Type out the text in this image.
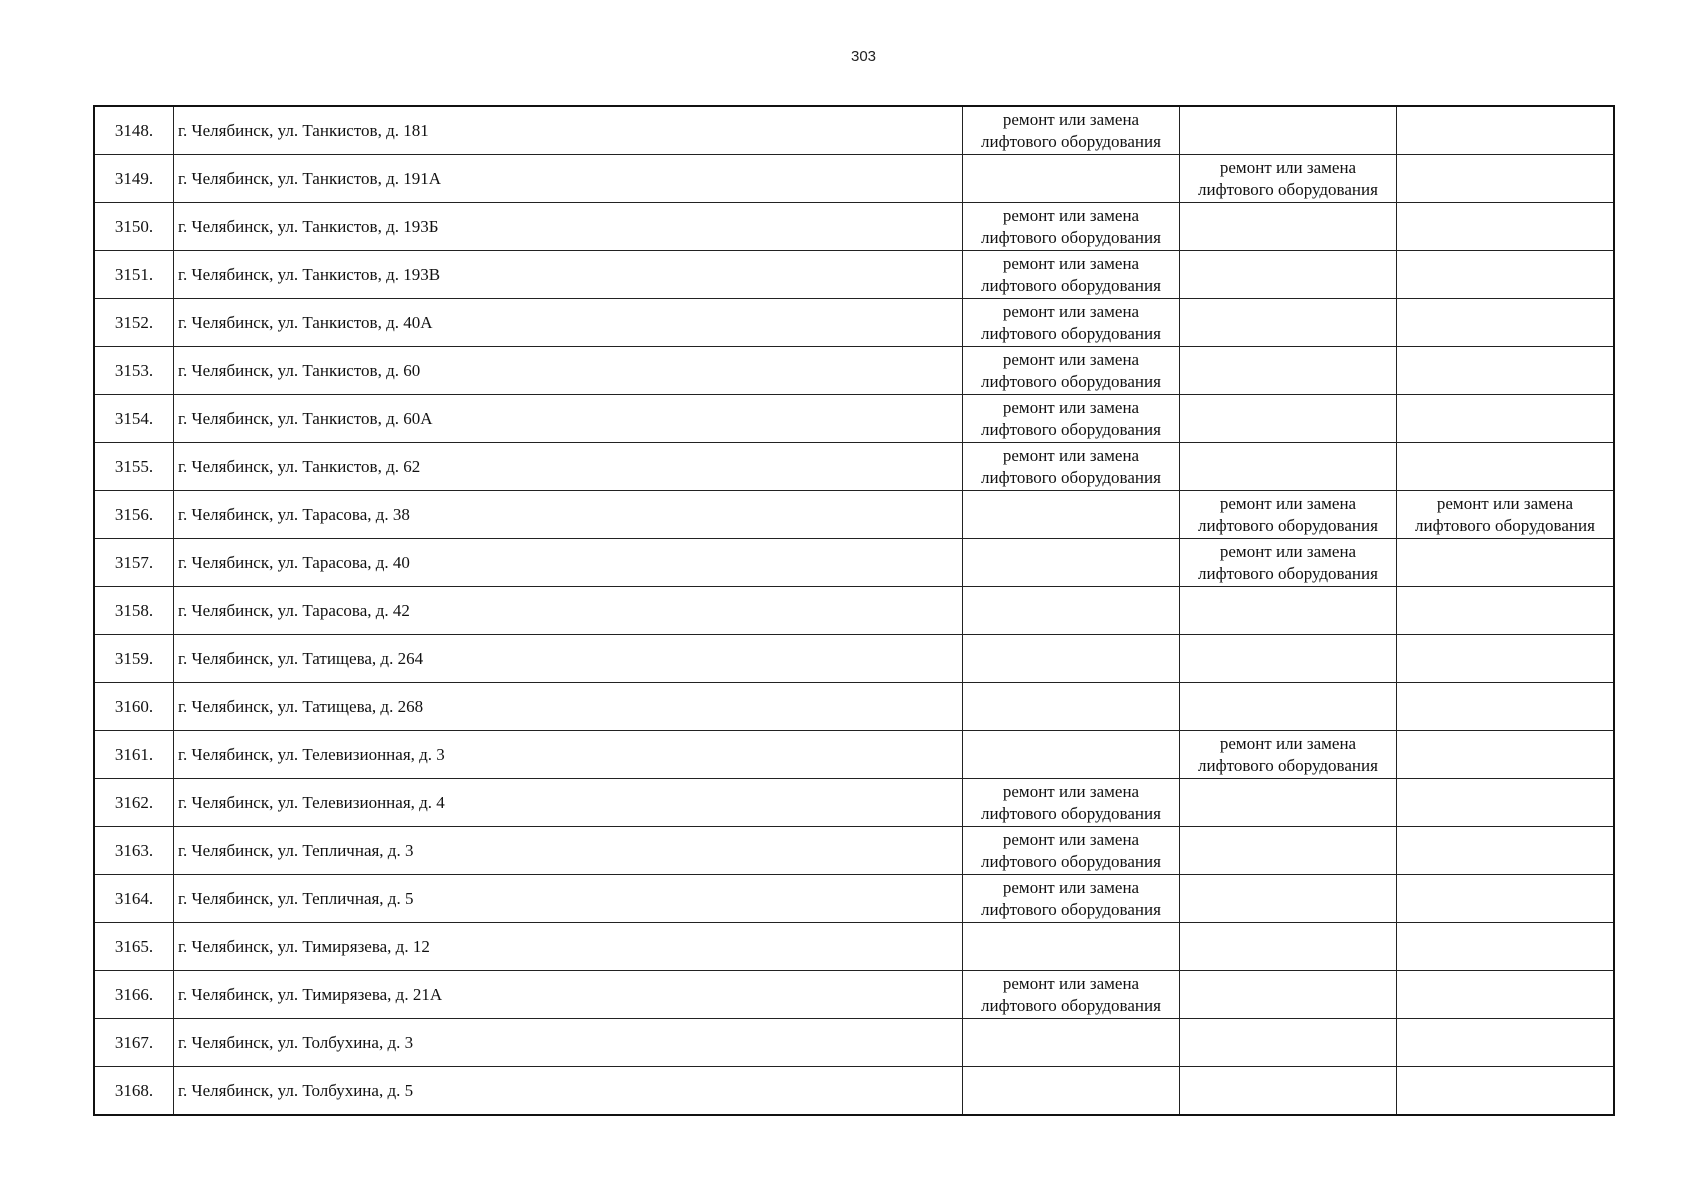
303
3148.	г. Челябинск, ул. Танкистов, д. 181	ремонт или замена лифтового оборудования		
3149.	г. Челябинск, ул. Танкистов, д. 191А		ремонт или замена лифтового оборудования	
3150.	г. Челябинск, ул. Танкистов, д. 193Б	ремонт или замена лифтового оборудования		
3151.	г. Челябинск, ул. Танкистов, д. 193В	ремонт или замена лифтового оборудования		
3152.	г. Челябинск, ул. Танкистов, д. 40А	ремонт или замена лифтового оборудования		
3153.	г. Челябинск, ул. Танкистов, д. 60	ремонт или замена лифтового оборудования		
3154.	г. Челябинск, ул. Танкистов, д. 60А	ремонт или замена лифтового оборудования		
3155.	г. Челябинск, ул. Танкистов, д. 62	ремонт или замена лифтового оборудования		
3156.	г. Челябинск, ул. Тарасова, д. 38		ремонт или замена лифтового оборудования	ремонт или замена лифтового оборудования
3157.	г. Челябинск, ул. Тарасова, д. 40		ремонт или замена лифтового оборудования	
3158.	г. Челябинск, ул. Тарасова, д. 42			
3159.	г. Челябинск, ул. Татищева, д. 264			
3160.	г. Челябинск, ул. Татищева, д. 268			
3161.	г. Челябинск, ул. Телевизионная, д. 3		ремонт или замена лифтового оборудования	
3162.	г. Челябинск, ул. Телевизионная, д. 4	ремонт или замена лифтового оборудования		
3163.	г. Челябинск, ул. Тепличная, д. 3	ремонт или замена лифтового оборудования		
3164.	г. Челябинск, ул. Тепличная, д. 5	ремонт или замена лифтового оборудования		
3165.	г. Челябинск, ул. Тимирязева, д. 12			
3166.	г. Челябинск, ул. Тимирязева, д. 21А	ремонт или замена лифтового оборудования		
3167.	г. Челябинск, ул. Толбухина, д. 3			
3168.	г. Челябинск, ул. Толбухина, д. 5			
